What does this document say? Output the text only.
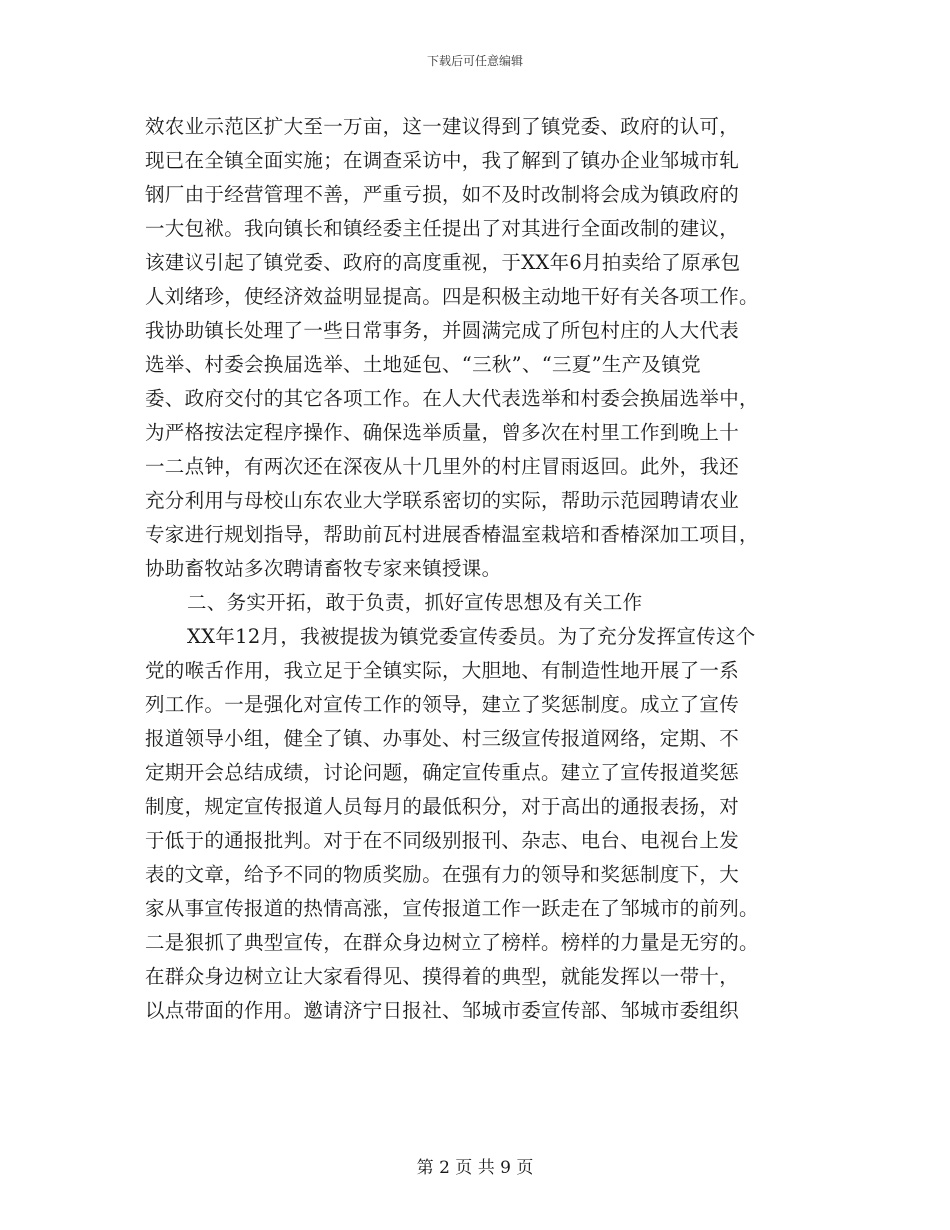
下载后可任意编辑
效农业示范区扩大至一万亩，这一建议得到了镇党委、政府的认可，
现已在全镇全面实施；在调查采访中，我了解到了镇办企业邹城市轧
钢厂由于经营管理不善，严重亏损，如不及时改制将会成为镇政府的
一大包袱。我向镇长和镇经委主任提出了对其进行全面改制的建议，
该建议引起了镇党委、政府的高度重视，于XX年6月拍卖给了原承包
人刘绪珍，使经济效益明显提高。四是积极主动地干好有关各项工作。
我协助镇长处理了一些日常事务，并圆满完成了所包村庄的人大代表
选举、村委会换届选举、土地延包、“三秋”、“三夏”生产及镇党
委、政府交付的其它各项工作。在人大代表选举和村委会换届选举中，
为严格按法定程序操作、确保选举质量，曾多次在村里工作到晚上十
一二点钟，有两次还在深夜从十几里外的村庄冒雨返回。此外，我还
充分利用与母校山东农业大学联系密切的实际，帮助示范园聘请农业
专家进行规划指导，帮助前瓦村进展香椿温室栽培和香椿深加工项目，
协助畜牧站多次聘请畜牧专家来镇授课。
二、务实开拓，敢于负责，抓好宣传思想及有关工作
XX年12月，我被提拔为镇党委宣传委员。为了充分发挥宣传这个
党的喉舌作用，我立足于全镇实际，大胆地、有制造性地开展了一系
列工作。一是强化对宣传工作的领导，建立了奖惩制度。成立了宣传
报道领导小组，健全了镇、办事处、村三级宣传报道网络，定期、不
定期开会总结成绩，讨论问题，确定宣传重点。建立了宣传报道奖惩
制度，规定宣传报道人员每月的最低积分，对于高出的通报表扬，对
于低于的通报批判。对于在不同级别报刊、杂志、电台、电视台上发
表的文章，给予不同的物质奖励。在强有力的领导和奖惩制度下，大
家从事宣传报道的热情高涨，宣传报道工作一跃走在了邹城市的前列。
二是狠抓了典型宣传，在群众身边树立了榜样。榜样的力量是无穷的。
在群众身边树立让大家看得见、摸得着的典型，就能发挥以一带十，
以点带面的作用。邀请济宁日报社、邹城市委宣传部、邹城市委组织
第 2 页 共 9 页
